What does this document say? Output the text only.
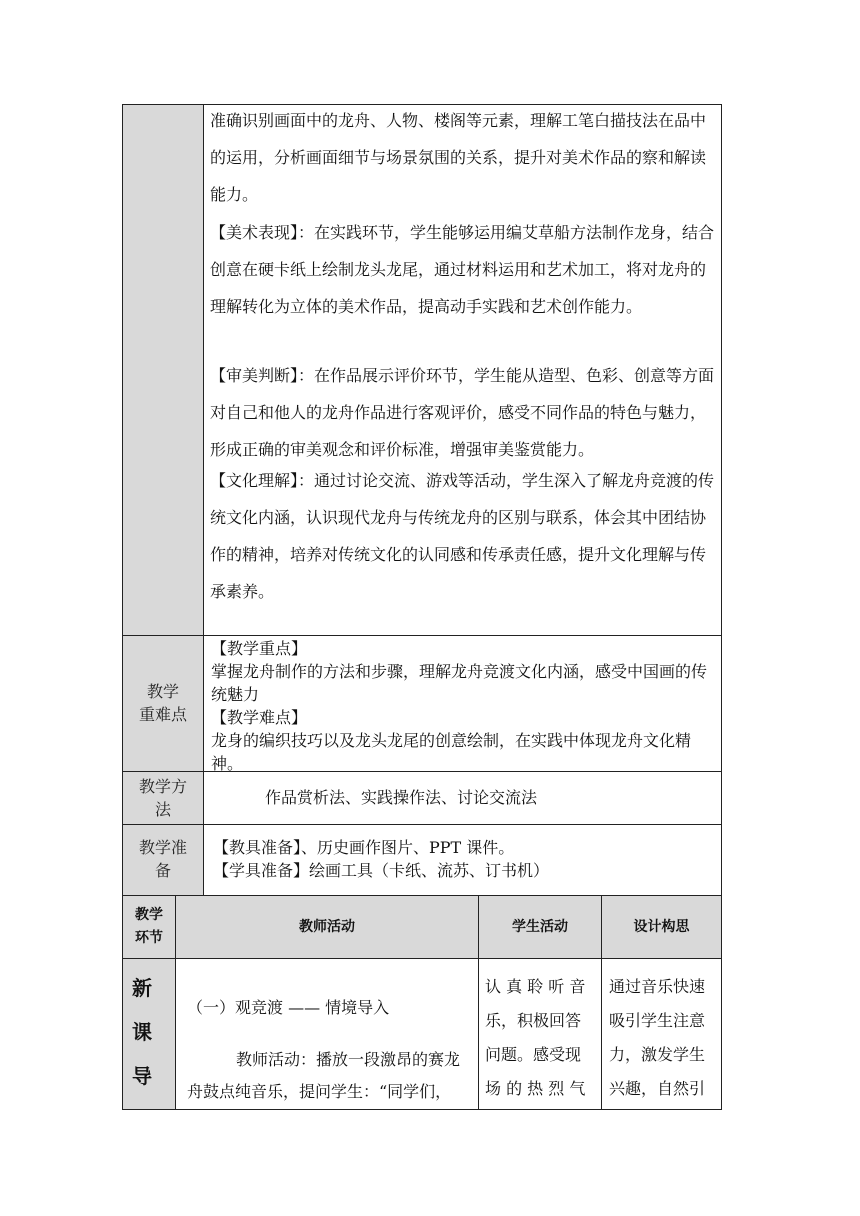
准确识别画面中的龙舟、人物、楼阁等元素，理解工笔白描技法在品中的运用，分析画面细节与场景氛围的关系，提升对美术作品的察和解读能力。

【美术表现】：在实践环节，学生能够运用编艾草船方法制作龙身，结合创意在硬卡纸上绘制龙头龙尾，通过材料运用和艺术加工，将对龙舟的理解转化为立体的美术作品，提高动手实践和艺术创作能力。

【审美判断】：在作品展示评价环节，学生能从造型、色彩、创意等方面对自己和他人的龙舟作品进行客观评价，感受不同作品的特色与魅力，形成正确的审美观念和评价标准，增强审美鉴赏能力。

【文化理解】：通过讨论交流、游戏等活动，学生深入了解龙舟竞渡的传统文化内涵，认识现代龙舟与传统龙舟的区别与联系，体会其中团结协作的精神，培养对传统文化的认同感和传承责任感，提升文化理解与传承素养。

教学
重难点
【教学重点】
掌握龙舟制作的方法和步骤，理解龙舟竞渡文化内涵，感受中国画的传统魅力
【教学难点】
龙身的编织技巧以及龙头龙尾的创意绘制，在实践中体现龙舟文化精神。
教学方
法
作品赏析法、实践操作法、讨论交流法
教学准
备
【教具准备】、历史画作图片、PPT 课件。
【学具准备】绘画工具（卡纸、流苏、订书机）
教学
环节
教师活动	学生活动	设计构思
新
课
导
（一）观竞渡 —— 情境导入
教师活动：播放一段激昂的赛龙
舟鼓点纯音乐，提问学生：“同学们，
认 真 聆 听 音
乐，积极回答
问题。感受现
场 的 热 烈 气
通过音乐快速
吸引学生注意
力，激发学生
兴趣，自然引
